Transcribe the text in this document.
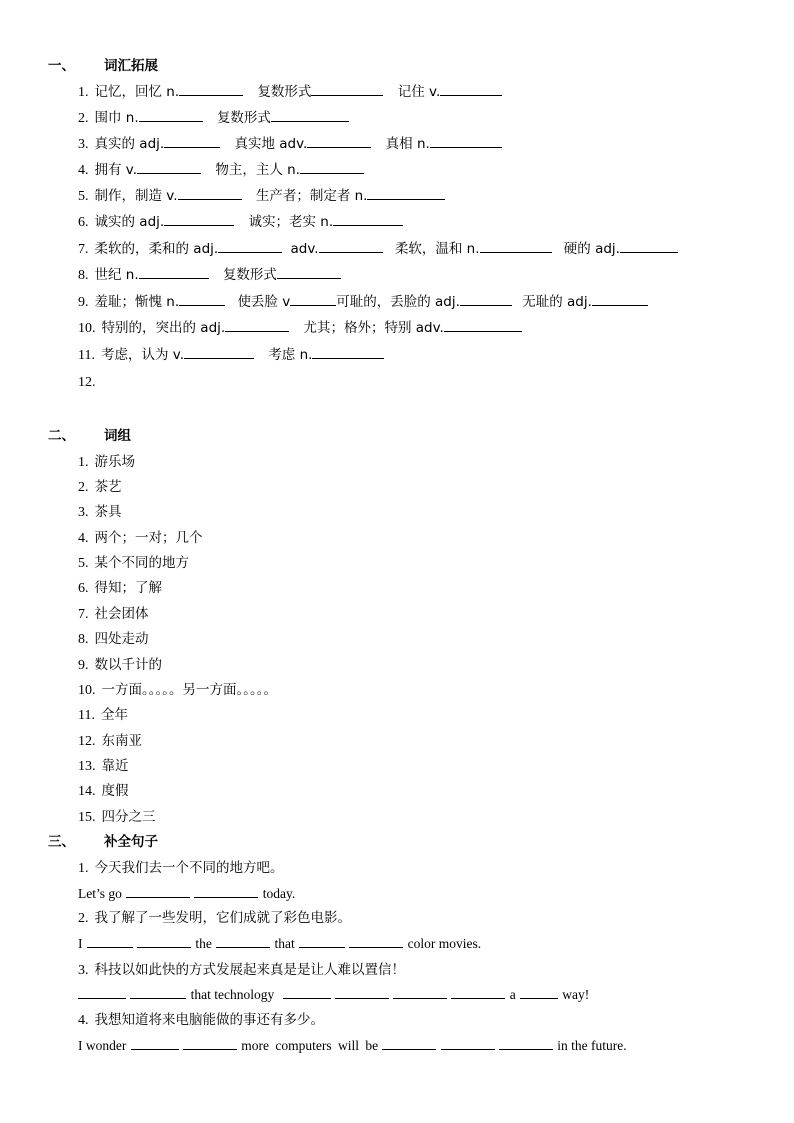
一、 词汇拓展
1. 记忆，回忆 n.	复数形式	记住 v.
2. 围巾 n.	复数形式
3. 真实的 adj.	真实地 adv.	真相 n.
4. 拥有 v.	物主，主人 n.
5. 制作，制造 v.	生产者；制定者 n.
6. 诚实的 adj.	诚实；老实 n.
7. 柔软的，柔和的 adj.	adv.	柔软，温和 n.	硬的 adj.
8. 世纪 n.	复数形式
9. 羞耻；惭愧 n.	使丢脸 v	可耻的，丢脸的 adj.	无耻的 adj.
10. 特别的，突出的 adj.	尤其；格外；特别 adv.
11. 考虑，认为 v.	考虑 n.
12.
二、 词组
1. 游乐场
2. 茶艺
3. 茶具
4. 两个；一对；几个
5. 某个不同的地方
6. 得知；了解
7. 社会团体
8. 四处走动
9. 数以千计的
10. 一方面。。。。。另一方面。。。。。
11. 全年
12. 东南亚
13. 靠近
14. 度假
15. 四分之三
三、 补全句子
1. 今天我们去一个不同的地方吧。
Let’s go	today.
2. 我了解了一些发明，它们成就了彩色电影。
I	the	that	color movies.
3. 科技以如此快的方式发展起来真是是让人难以置信！
that technology	a	way!
4. 我想知道将来电脑能做的事还有多少。
I wonder	more computers will be	in the future.
